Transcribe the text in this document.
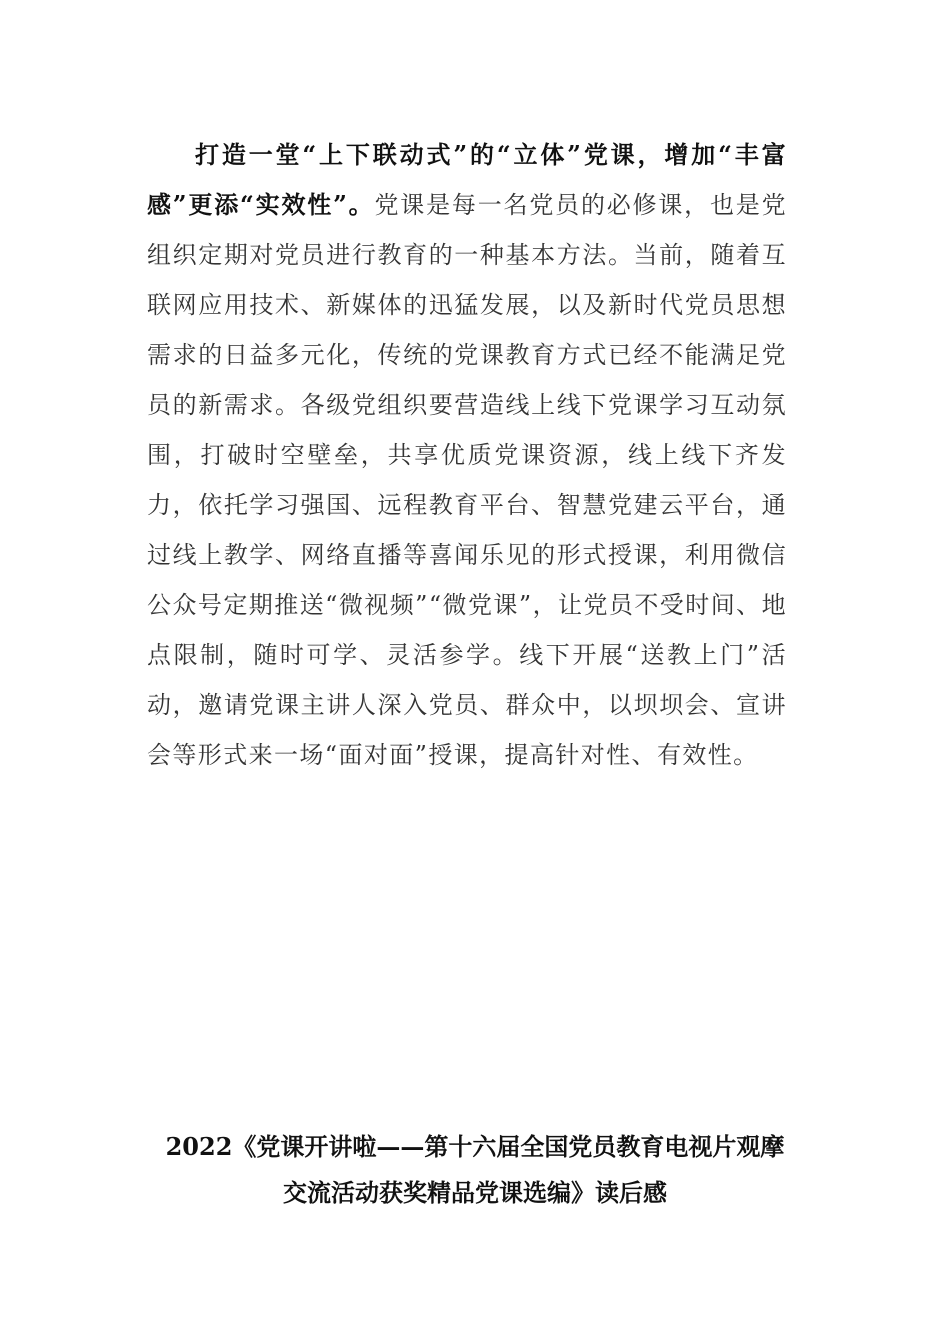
打造一堂“上下联动式”的“立体”党课，增加“丰富感”更添“实效性”。党课是每一名党员的必修课，也是党组织定期对党员进行教育的一种基本方法。当前，随着互联网应用技术、新媒体的迅猛发展，以及新时代党员思想需求的日益多元化，传统的党课教育方式已经不能满足党员的新需求。各级党组织要营造线上线下党课学习互动氛围，打破时空壁垒，共享优质党课资源，线上线下齐发力，依托学习强国、远程教育平台、智慧党建云平台，通过线上教学、网络直播等喜闻乐见的形式授课，利用微信公众号定期推送“微视频”“微党课”，让党员不受时间、地点限制，随时可学、灵活参学。线下开展“送教上门”活动，邀请党课主讲人深入党员、群众中，以坝坝会、宣讲会等形式来一场“面对面”授课，提高针对性、有效性。

2022《党课开讲啦——第十六届全国党员教育电视片观摩
交流活动获奖精品党课选编》读后感
